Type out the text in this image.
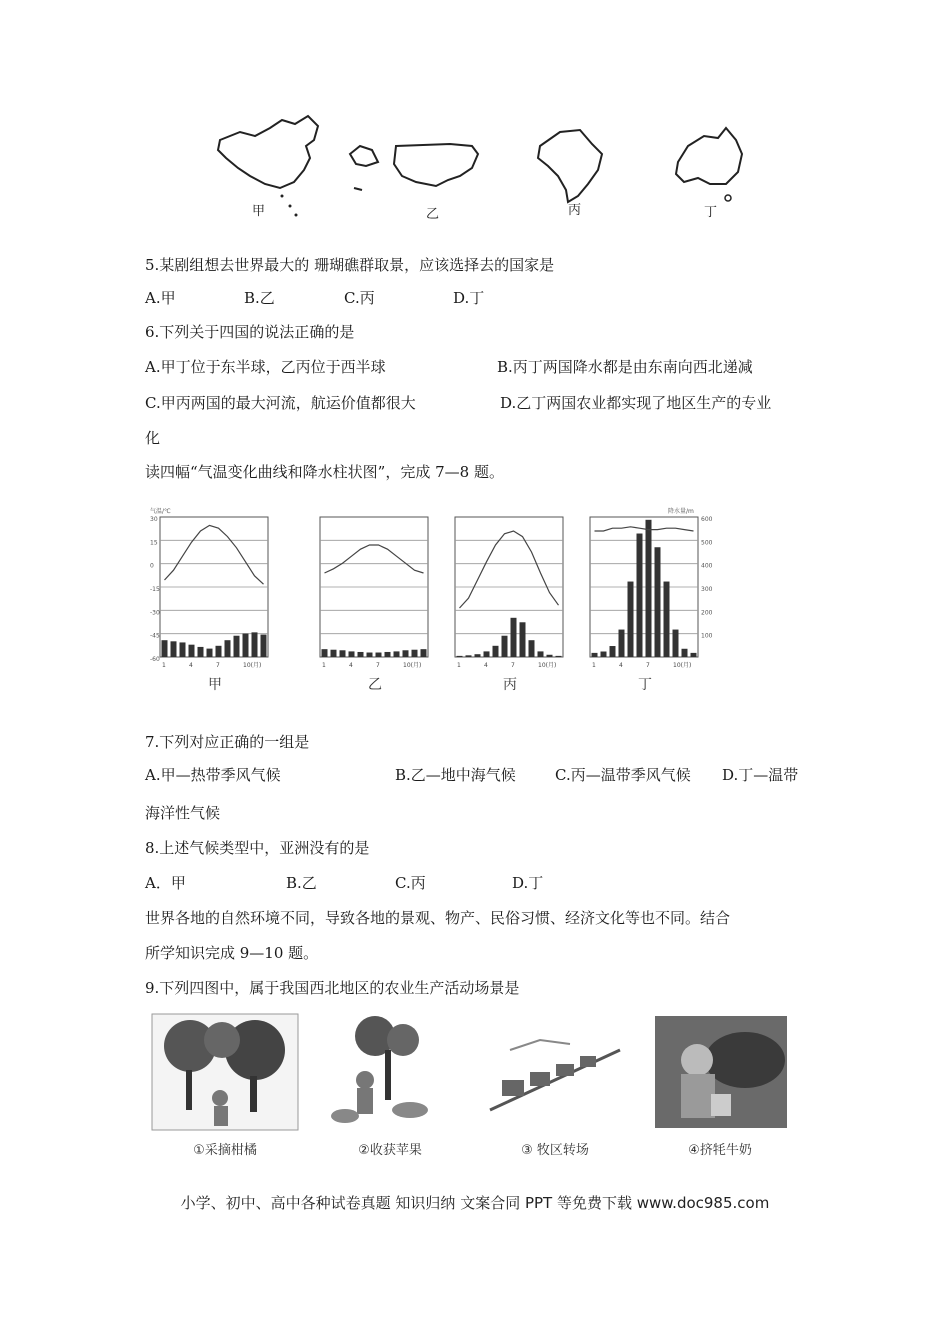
甲	乙	丙	丁
5.某剧组想去世界最大的 珊瑚礁群取景，应该选择去的国家是
A.甲	B.乙	C.丙	D.丁
6.下列关于四国的说法正确的是
A.甲丁位于东半球，乙丙位于西半球	B.丙丁两国降水都是由东南向西北递减
C.甲丙两国的最大河流，航运价值都很大	D.乙丁两国农业都实现了地区生产的专业
化
读四幅“气温变化曲线和降水柱状图”，完成 7—8 题。
1	4	7	10(月)
甲
1	4	7	10(月)
乙
1	4	7	10(月)
丙
1	4	7	10(月)
丁
30
15
0
-15
-30
-45
-60
气温/℃
600
500
400
300
200
100
降水量/m
7.下列对应正确的一组是
A.甲—热带季风气候	B.乙—地中海气候	C.丙—温带季风气候 D.丁—温带
海洋性气候
8.上述气候类型中，亚洲没有的是
A．甲	B.乙	C.丙	D.丁
世界各地的自然环境不同，导致各地的景观、物产、民俗习惯、经济文化等也不同。结合
所学知识完成 9—10 题。
9.下列四图中，属于我国西北地区的农业生产活动场景是
①采摘柑橘	②收获苹果	③ 牧区转场	④挤牦牛奶
小学、初中、高中各种试卷真题 知识归纳 文案合同 PPT 等免费下载 www.doc985.com
